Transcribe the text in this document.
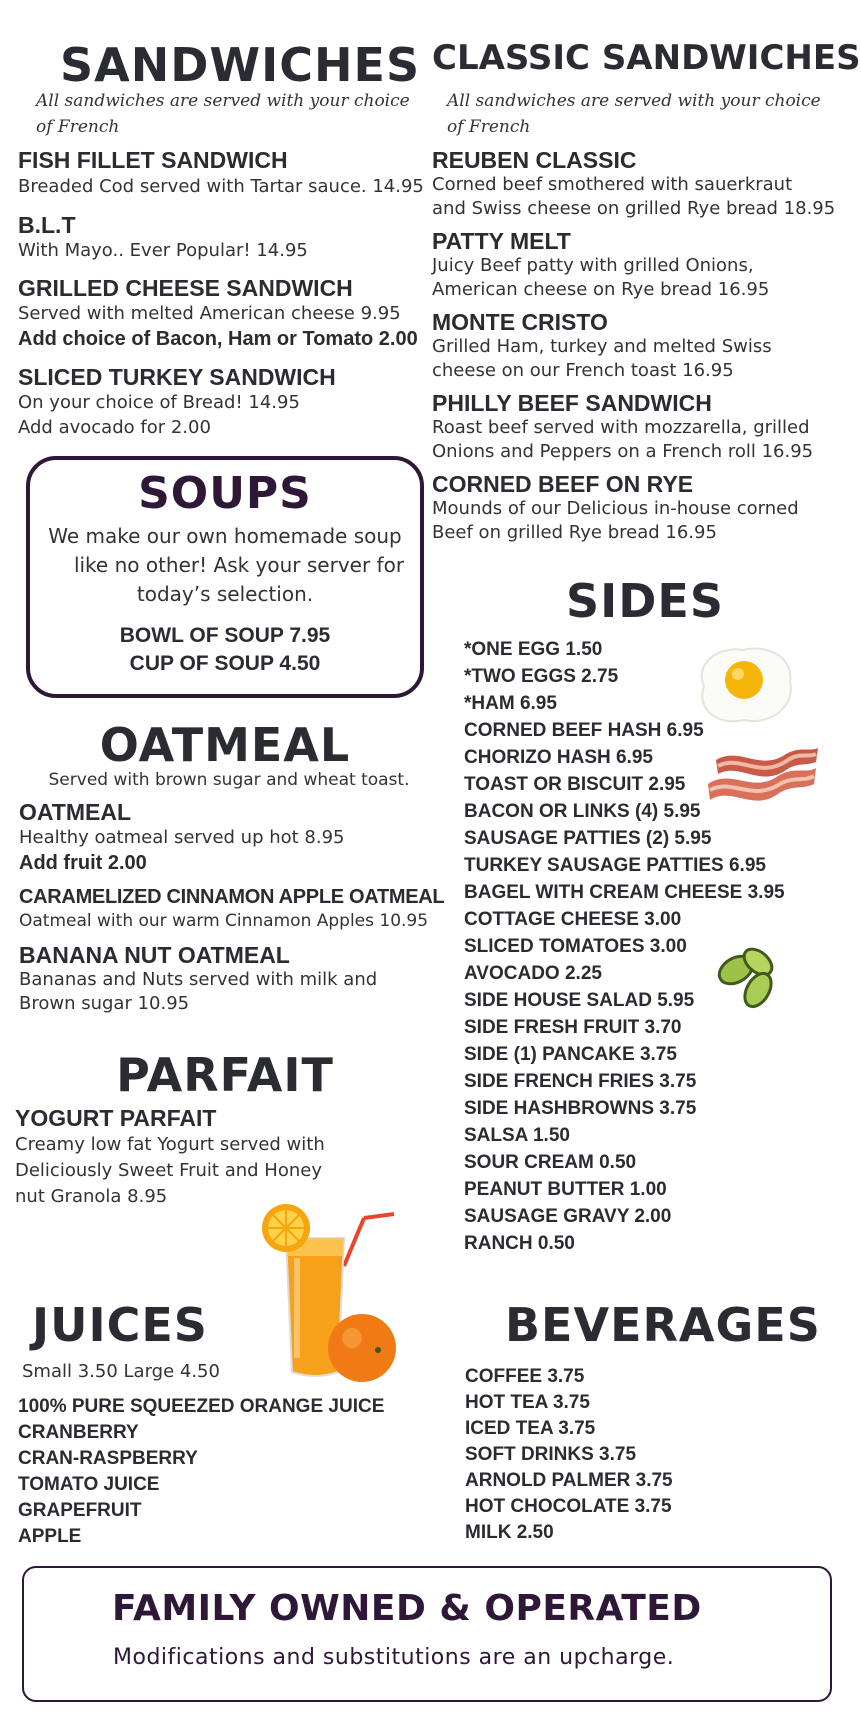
SANDWICHES
All sandwiches are served with your choice
of French
FISH FILLET SANDWICH
Breaded Cod served with Tartar sauce. 14.95
B.L.T
With Mayo.. Ever Popular! 14.95
GRILLED CHEESE SANDWICH
Served with melted American cheese 9.95
Add choice of Bacon, Ham or Tomato 2.00
SLICED TURKEY SANDWICH
On your choice of Bread! 14.95
Add avocado for 2.00
SOUPS
We make our own homemade soup
like no other! Ask your server for
today’s selection.
BOWL OF SOUP 7.95
CUP OF SOUP 4.50
OATMEAL
Served with brown sugar and wheat toast.
OATMEAL
Healthy oatmeal served up hot 8.95
Add fruit 2.00
CARAMELIZED CINNAMON APPLE OATMEAL
Oatmeal with our warm Cinnamon Apples 10.95
BANANA NUT OATMEAL
Bananas and Nuts served with milk and
Brown sugar 10.95
PARFAIT
YOGURT PARFAIT
Creamy low fat Yogurt served with
Deliciously Sweet Fruit and Honey
nut Granola 8.95
JUICES
Small 3.50 Large 4.50
100% PURE SQUEEZED ORANGE JUICE
CRANBERRY
CRAN-RASPBERRY
TOMATO JUICE
GRAPEFRUIT
APPLE
CLASSIC SANDWICHES
All sandwiches are served with your choice
of French
REUBEN CLASSIC
Corned beef smothered with sauerkraut
and Swiss cheese on grilled Rye bread 18.95
PATTY MELT
Juicy Beef patty with grilled Onions,
American cheese on Rye bread 16.95
MONTE CRISTO
Grilled Ham, turkey and melted Swiss
cheese on our French toast 16.95
PHILLY BEEF SANDWICH
Roast beef served with mozzarella, grilled
Onions and Peppers on a French roll 16.95
CORNED BEEF ON RYE
Mounds of our Delicious in-house corned
Beef on grilled Rye bread 16.95
SIDES
*ONE EGG 1.50
*TWO EGGS 2.75
*HAM 6.95
CORNED BEEF HASH 6.95
CHORIZO HASH 6.95
TOAST OR BISCUIT 2.95
BACON OR LINKS (4) 5.95
SAUSAGE PATTIES (2) 5.95
TURKEY SAUSAGE PATTIES 6.95
BAGEL WITH CREAM CHEESE 3.95
COTTAGE CHEESE 3.00
SLICED TOMATOES 3.00
AVOCADO 2.25
SIDE HOUSE SALAD 5.95
SIDE FRESH FRUIT 3.70
SIDE (1) PANCAKE 3.75
SIDE FRENCH FRIES 3.75
SIDE HASHBROWNS 3.75
SALSA 1.50
SOUR CREAM 0.50
PEANUT BUTTER 1.00
SAUSAGE GRAVY 2.00
RANCH 0.50
BEVERAGES
COFFEE 3.75
HOT TEA 3.75
ICED TEA 3.75
SOFT DRINKS 3.75
ARNOLD PALMER 3.75
HOT CHOCOLATE 3.75
MILK 2.50
FAMILY OWNED & OPERATED
Modifications and substitutions are an upcharge.
